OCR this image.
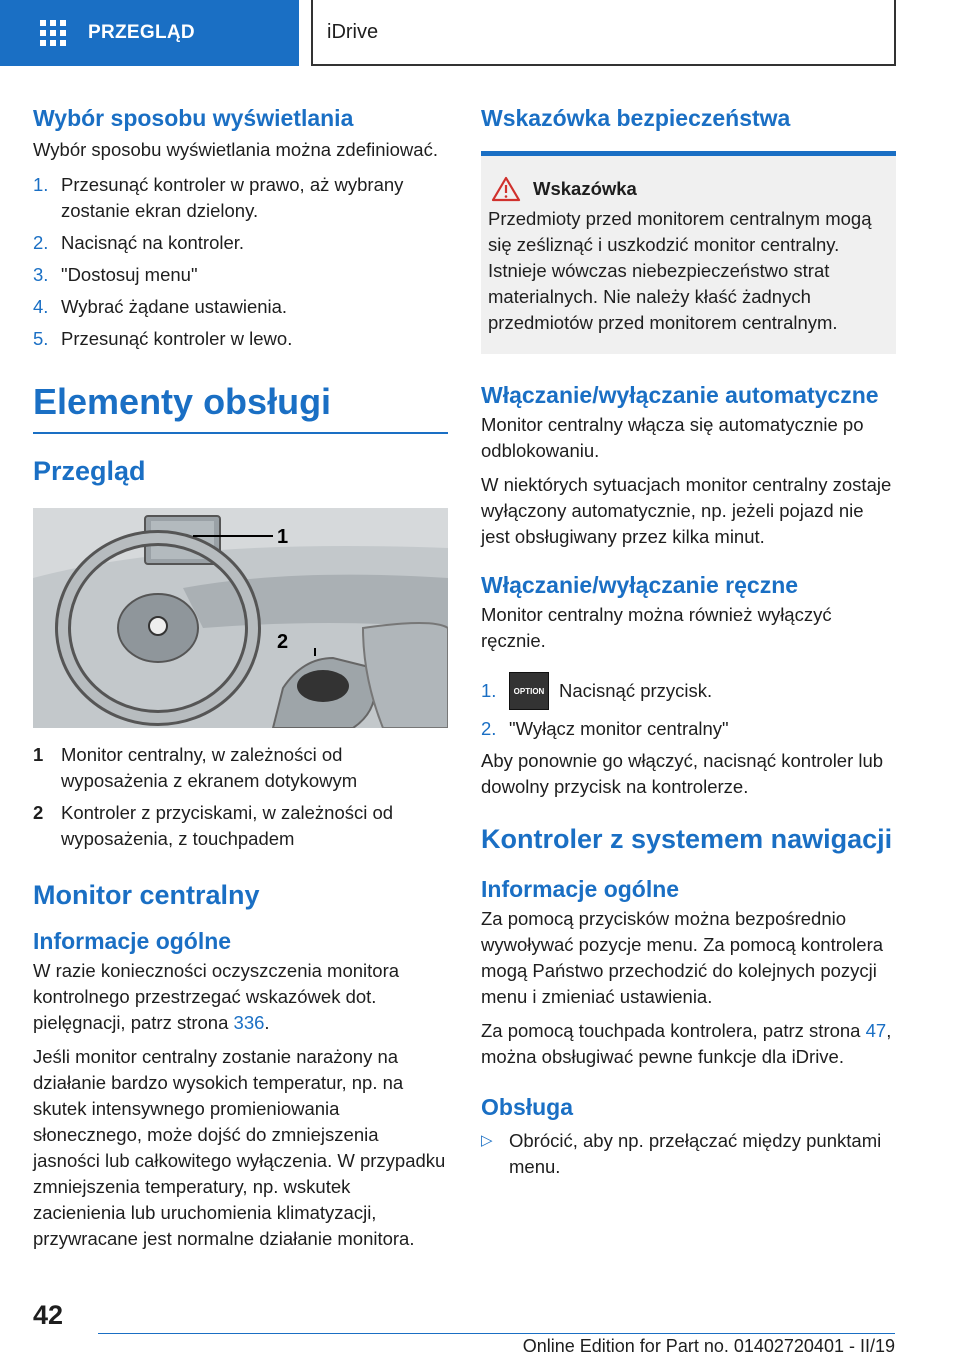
PRZEGLĄD	iDrive
Wybór sposobu wyświetlania

Wybór sposobu wyświetlania można zdefiniować.

1. Przesunąć kontroler w prawo, aż wybrany zostanie ekran dzielony.
2. Nacisnąć na kontroler.
3. "Dostosuj menu"
4. Wybrać żądane ustawienia.
5. Przesunąć kontroler w lewo.
Elementy obsługi
Przegląd
1
2
1 Monitor centralny, w zależności od wyposażenia z ekranem dotykowym
2 Kontroler z przyciskami, w zależności od wyposażenia, z touchpadem
Monitor centralny
Informacje ogólne

W razie konieczności oczyszczenia monitora kontrolnego przestrzegać wskazówek dot. pielęgnacji, patrz strona 336.

Jeśli monitor centralny zostanie narażony na działanie bardzo wysokich temperatur, np. na skutek intensywnego promieniowania słonecznego, może dojść do zmniejszenia jasności lub całkowitego wyłączenia. W przypadku zmniejszenia temperatury, np. wskutek zacienienia lub uruchomienia klimatyzacji, przywracane jest normalne działanie monitora.

Wskazówka bezpieczeństwa
Wskazówka

Przedmioty przed monitorem centralnym mogą się ześliznąć i uszkodzić monitor centralny. Istnieje wówczas niebezpieczeństwo strat materialnych. Nie należy kłaść żadnych przedmiotów przed monitorem centralnym.

Włączanie/wyłączanie automatyczne

Monitor centralny włącza się automatycznie po odblokowaniu.

W niektórych sytuacjach monitor centralny zostaje wyłączony automatycznie, np. jeżeli pojazd nie jest obsługiwany przez kilka minut.

Włączanie/wyłączanie ręczne

Monitor centralny można również wyłączyć ręcznie.

1.	OPTION Nacisnąć przycisk.
2. "Wyłącz monitor centralny"

Aby ponownie go włączyć, nacisnąć kontroler lub dowolny przycisk na kontrolerze.

Kontroler z systemem nawigacji
Informacje ogólne

Za pomocą przycisków można bezpośrednio wywoływać pozycje menu. Za pomocą kontrolera mogą Państwo przechodzić do kolejnych pozycji menu i zmieniać ustawienia.

Za pomocą touchpada kontrolera, patrz strona 47, można obsługiwać pewne funkcje dla iDrive.

Obsługa
▷ Obrócić, aby np. przełączać między punktami menu.
42
Online Edition for Part no. 01402720401 - II/19
